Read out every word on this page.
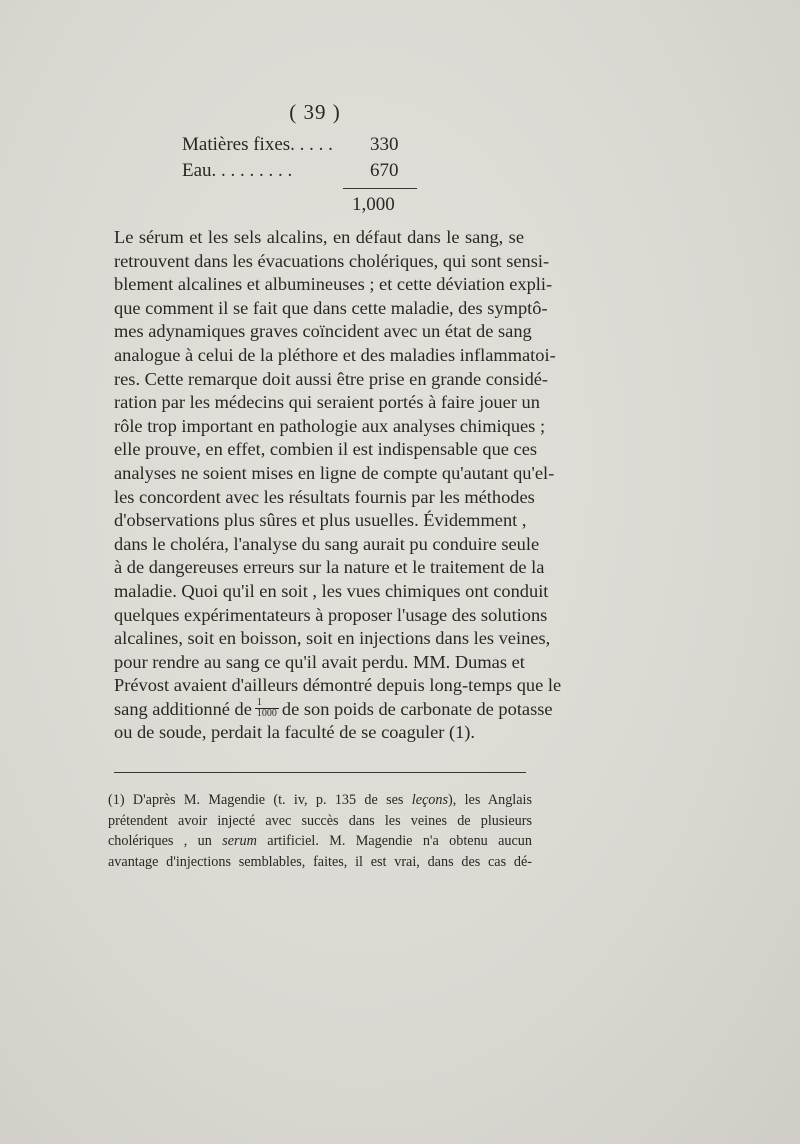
( 39 )
Matières fixes. . . . . 330
Eau. . . . . . . . .	670
1,000
Le sérum et les sels alcalins, en défaut dans le sang, se
retrouvent dans les évacuations cholériques, qui sont sensi-
blement alcalines et albumineuses ; et cette déviation expli-
que comment il se fait que dans cette maladie, des symptô-
mes adynamiques graves coïncident avec un état de sang
analogue à celui de la pléthore et des maladies inflammatoi-
res. Cette remarque doit aussi être prise en grande considé-
ration par les médecins qui seraient portés à faire jouer un
rôle trop important en pathologie aux analyses chimiques ;
elle prouve, en effet, combien il est indispensable que ces
analyses ne soient mises en ligne de compte qu'autant qu'el-
les concordent avec les résultats fournis par les méthodes
d'observations plus sûres et plus usuelles. Évidemment ,
dans le choléra, l'analyse du sang aurait pu conduire seule
à de dangereuses erreurs sur la nature et le traitement de la
maladie. Quoi qu'il en soit , les vues chimiques ont conduit
quelques expérimentateurs à proposer l'usage des solutions
alcalines, soit en boisson, soit en injections dans les veines,
pour rendre au sang ce qu'il avait perdu. MM. Dumas et
Prévost avaient d'ailleurs démontré depuis long-temps que le
sang additionné de $\frac{1}{1000}$ de son poids de carbonate de potasse
ou de soude, perdait la faculté de se coaguler (1).
(1) D'après M. Magendie (t. iv, p. 135 de ses leçons), les Anglais
prétendent avoir injecté avec succès dans les veines de plusieurs
cholériques , un serum artificiel. M. Magendie n'a obtenu aucun
avantage d'injections semblables, faites, il est vrai, dans des cas dé-
